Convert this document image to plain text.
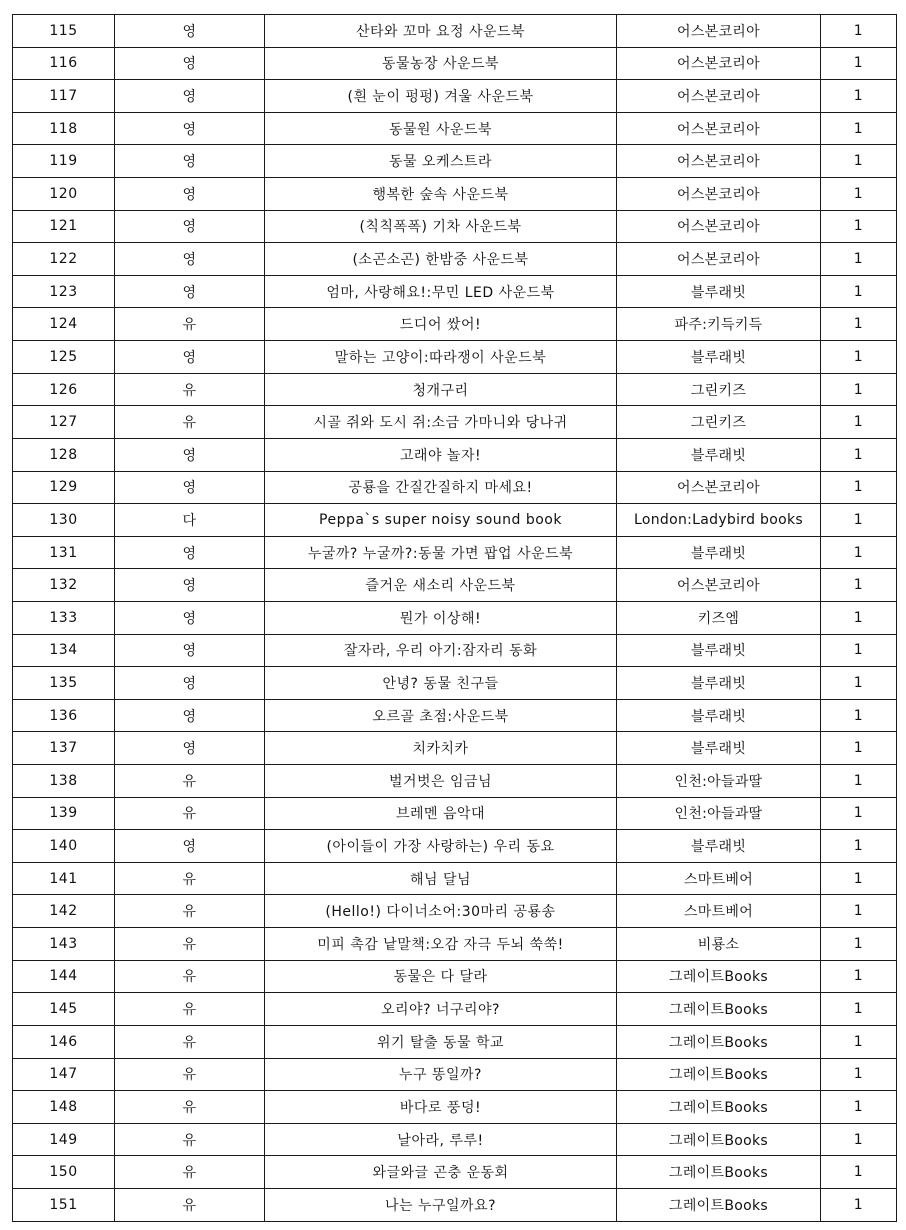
115	영	산타와 꼬마 요정 사운드북	어스본코리아	1
116	영	동물농장 사운드북	어스본코리아	1
117	영	(흰 눈이 펑펑) 겨울 사운드북	어스본코리아	1
118	영	동물원 사운드북	어스본코리아	1
119	영	동물 오케스트라	어스본코리아	1
120	영	행복한 숲속 사운드북	어스본코리아	1
121	영	(칙칙폭폭) 기차 사운드북	어스본코리아	1
122	영	(소곤소곤) 한밤중 사운드북	어스본코리아	1
123	영	엄마, 사랑해요!:무민 LED 사운드북	블루래빗	1
124	유	드디어 쌌어!	파주:키득키득	1
125	영	말하는 고양이:따라쟁이 사운드북	블루래빗	1
126	유	청개구리	그린키즈	1
127	유	시골 쥐와 도시 쥐:소금 가마니와 당나귀	그린키즈	1
128	영	고래야 놀자!	블루래빗	1
129	영	공룡을 간질간질하지 마세요!	어스본코리아	1
130	다	Peppa`s super noisy sound book	London:Ladybird books	1
131	영	누굴까? 누굴까?:동물 가면 팝업 사운드북	블루래빗	1
132	영	즐거운 새소리 사운드북	어스본코리아	1
133	영	뭔가 이상해!	키즈엠	1
134	영	잘자라, 우리 아기:잠자리 동화	블루래빗	1
135	영	안녕? 동물 친구들	블루래빗	1
136	영	오르골 초점:사운드북	블루래빗	1
137	영	치카치카	블루래빗	1
138	유	벌거벗은 임금님	인천:아들과딸	1
139	유	브레멘 음악대	인천:아들과딸	1
140	영	(아이들이 가장 사랑하는) 우리 동요	블루래빗	1
141	유	해님 달님	스마트베어	1
142	유	(Hello!) 다이너소어:30마리 공룡송	스마트베어	1
143	유	미피 촉감 낱말책:오감 자극 두뇌 쑥쑥!	비룡소	1
144	유	동물은 다 달라	그레이트Books	1
145	유	오리야? 너구리야?	그레이트Books	1
146	유	위기 탈출 동물 학교	그레이트Books	1
147	유	누구 똥일까?	그레이트Books	1
148	유	바다로 풍덩!	그레이트Books	1
149	유	날아라, 루루!	그레이트Books	1
150	유	와글와글 곤충 운동회	그레이트Books	1
151	유	나는 누구일까요?	그레이트Books	1
